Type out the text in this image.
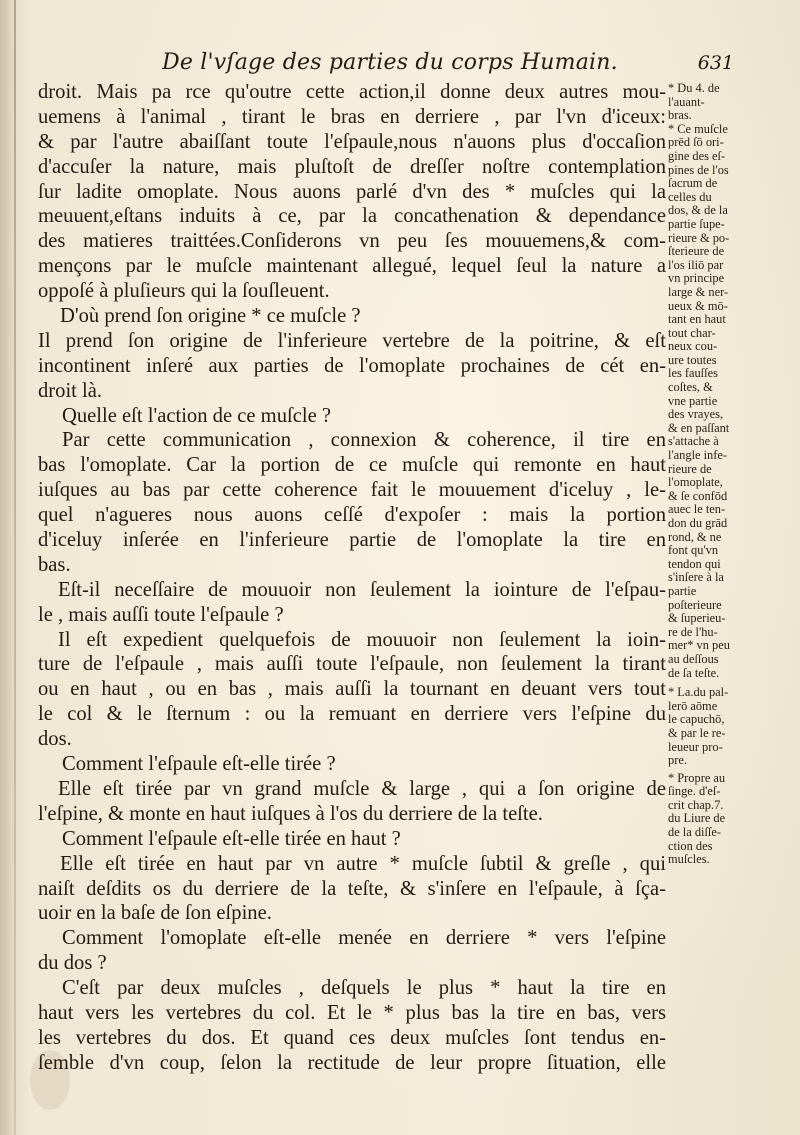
De l'vſage des parties du corps Humain.	631
droit. Mais pa rce qu'outre cette action,il donne deux autres mou-
uemens à l'animal , tirant le bras en derriere , par l'vn d'iceux:
& par l'autre abaiſſant toute l'eſpaule,nous n'auons plus d'occaſion
d'accuſer la nature, mais pluſtoſt de dreſſer noſtre contemplation
ſur ladite omoplate. Nous auons parlé d'vn des * muſcles qui la
meuuent,eſtans induits à ce, par la concathenation & dependance
des matieres traittées.Conſiderons vn peu ſes mouuemens,& com-
mençons par le muſcle maintenant allegué, lequel ſeul la nature a
oppoſé à pluſieurs qui la ſouſleuent.
D'où prend ſon origine * ce muſcle ?
Il prend ſon origine de l'inferieure vertebre de la poitrine, & eſt
incontinent inſeré aux parties de l'omoplate prochaines de cét en-
droit là.
Quelle eſt l'action de ce muſcle ?
Par cette communication , connexion & coherence, il tire en
bas l'omoplate. Car la portion de ce muſcle qui remonte en haut
iuſques au bas par cette coherence fait le mouuement d'iceluy , le-
quel n'agueres nous auons ceſſé d'expoſer : mais la portion
d'iceluy inſerée en l'inferieure partie de l'omoplate la tire en
bas.
Eſt-il neceſſaire de mouuoir non ſeulement la iointure de l'eſpau-
le , mais auſſi toute l'eſpaule ?
Il eſt expedient quelquefois de mouuoir non ſeulement la ioin-
ture de l'eſpaule , mais auſſi toute l'eſpaule, non ſeulement la tirant
ou en haut , ou en bas , mais auſſi la tournant en deuant vers tout
le col & le ſternum : ou la remuant en derriere vers l'eſpine du
dos.
Comment l'eſpaule eſt-elle tirée ?
Elle eſt tirée par vn grand muſcle & large , qui a ſon origine de
l'eſpine, & monte en haut iuſques à l'os du derriere de la teſte.
Comment l'eſpaule eſt-elle tirée en haut ?
Elle eſt tirée en haut par vn autre * muſcle ſubtil & greſle , qui
naiſt deſdits os du derriere de la teſte, & s'inſere en l'eſpaule, à ſça-
uoir en la baſe de ſon eſpine.
Comment l'omoplate eſt-elle menée en derriere * vers l'eſpine
du dos ?
C'eſt par deux muſcles , deſquels le plus * haut la tire en
haut vers les vertebres du col. Et le * plus bas la tire en bas, vers
les vertebres du dos. Et quand ces deux muſcles ſont tendus en-
ſemble d'vn coup, ſelon la rectitude de leur propre ſituation, elle
* Du 4. de
l'auant-
bras.
* Ce muſcle
prēd ſō ori-
gine des eſ-
pines de l'os
ſacrum de
celles du
dos, & de la
partie ſupe-
rieure & po-
ſterieure de
l'os iliō par
vn principe
large & ner-
ueux & mō-
tant en haut
tout char-
neux cou-
ure toutes
les fauſſes
coſtes, &
vne partie
des vrayes,
& en paſſant
s'attache à
l'angle infe-
rieure de
l'omoplate,
& ſe confōd
auec le ten-
don du grād
rond, & ne
font qu'vn
tendon qui
s'inſere à la
partie
poſterieure
& ſuperieu-
re de l'hu-
mer* vn peu
au deſſous
de ſa teſte.
* La.du pal-
lerō aōme
le capuchō,
& par le re-
leueur pro-
pre.
* Propre au
ſinge. d'eſ-
crit chap.7.
du Liure de
de la diſſe-
ction des
muſcles.
